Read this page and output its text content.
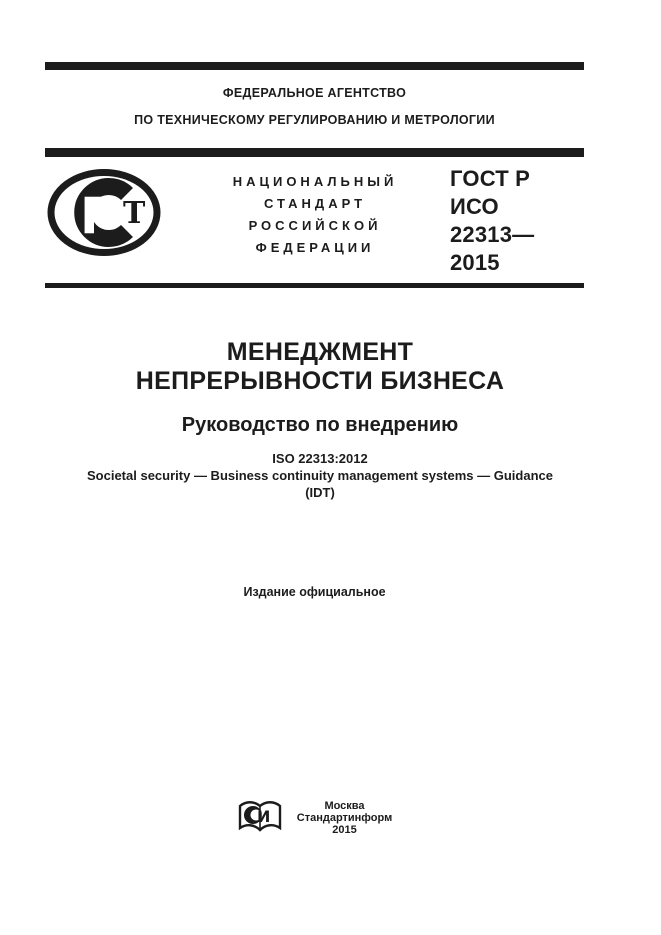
ФЕДЕРАЛЬНОЕ АГЕНТСТВО
ПО ТЕХНИЧЕСКОМУ РЕГУЛИРОВАНИЮ И МЕТРОЛОГИИ
Р Т
НАЦИОНАЛЬНЫЙ
СТАНДАРТ
РОССИЙСКОЙ
ФЕДЕРАЦИИ
ГОСТ Р ИСО
22313—
2015
МЕНЕДЖМЕНТ
НЕПРЕРЫВНОСТИ БИЗНЕСА
Руководство по внедрению
ISO 22313:2012
Societal security — Business continuity management systems — Guidance
(IDT)
Издание официальное
И
Москва
Стандартинформ
2015
